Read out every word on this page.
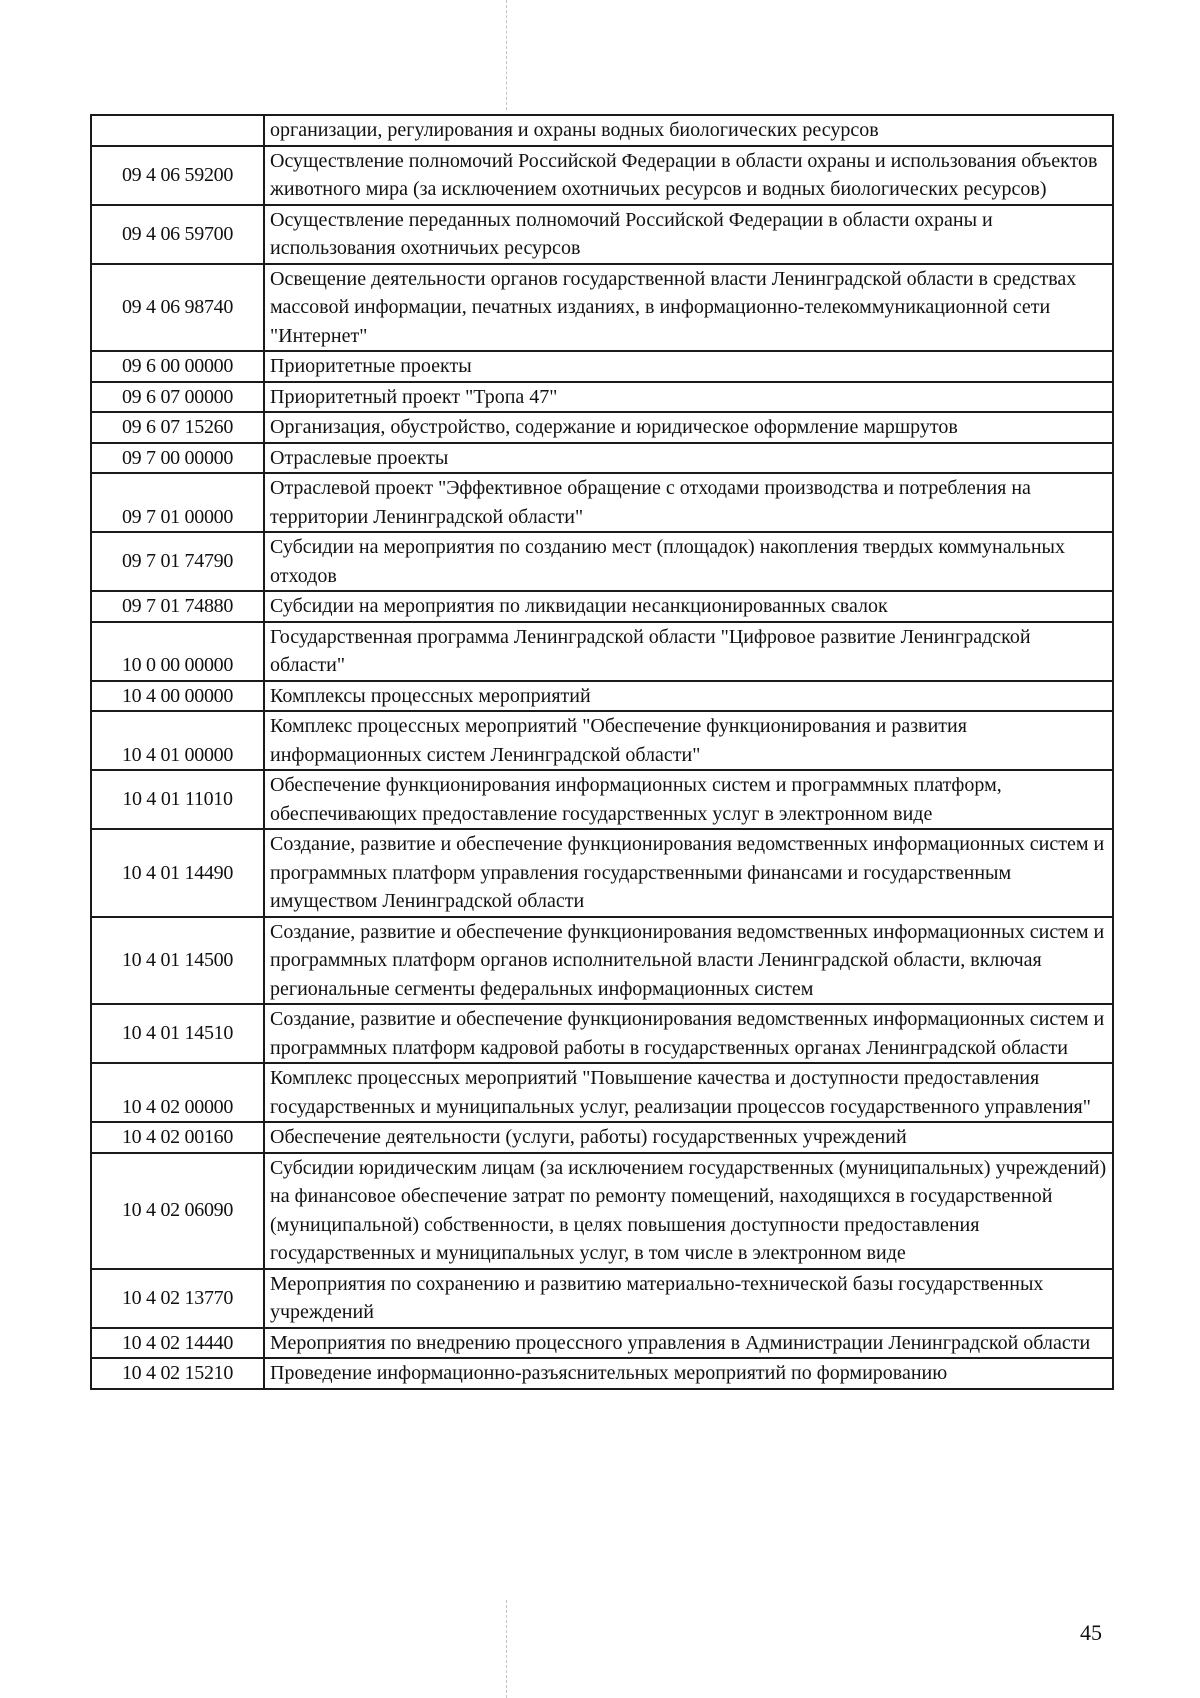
	организации, регулирования и охраны водных биологических ресурсов
09 4 06 59200	Осуществление полномочий Российской Федерации в области охраны и использования объектов животного мира (за исключением охотничьих ресурсов и водных биологических ресурсов)
09 4 06 59700	Осуществление переданных полномочий Российской Федерации в области охраны и использования охотничьих ресурсов
09 4 06 98740	Освещение деятельности органов государственной власти Ленинградской области в средствах массовой информации, печатных изданиях, в информационно-телекоммуникационной сети "Интернет"
09 6 00 00000	Приоритетные проекты
09 6 07 00000	Приоритетный проект "Тропа 47"
09 6 07 15260	Организация, обустройство, содержание и юридическое оформление маршрутов
09 7 00 00000	Отраслевые проекты
09 7 01 00000	Отраслевой проект "Эффективное обращение с отходами производства и потребления на территории Ленинградской области"
09 7 01 74790	Субсидии на мероприятия по созданию мест (площадок) накопления твердых коммунальных отходов
09 7 01 74880	Субсидии на мероприятия по ликвидации несанкционированных свалок
10 0 00 00000	Государственная программа Ленинградской области "Цифровое развитие Ленинградской области"
10 4 00 00000	Комплексы процессных мероприятий
10 4 01 00000	Комплекс процессных мероприятий "Обеспечение функционирования и развития информационных систем Ленинградской области"
10 4 01 11010	Обеспечение функционирования информационных систем и программных платформ, обеспечивающих предоставление государственных услуг в электронном виде
10 4 01 14490	Создание, развитие и обеспечение функционирования ведомственных информационных систем и программных платформ управления государственными финансами и государственным имуществом Ленинградской области
10 4 01 14500	Создание, развитие и обеспечение функционирования ведомственных информационных систем и программных платформ органов исполнительной власти Ленинградской области, включая региональные сегменты федеральных информационных систем
10 4 01 14510	Создание, развитие и обеспечение функционирования ведомственных информационных систем и программных платформ кадровой работы в государственных органах Ленинградской области
10 4 02 00000	Комплекс процессных мероприятий "Повышение качества и доступности предоставления государственных и муниципальных услуг, реализации процессов государственного управления"
10 4 02 00160	Обеспечение деятельности (услуги, работы) государственных учреждений
10 4 02 06090	Субсидии юридическим лицам (за исключением государственных (муниципальных) учреждений) на финансовое обеспечение затрат по ремонту помещений, находящихся в государственной (муниципальной) собственности, в целях повышения доступности предоставления государственных и муниципальных услуг, в том числе в электронном виде
10 4 02 13770	Мероприятия по сохранению и развитию материально-технической базы государственных учреждений
10 4 02 14440	Мероприятия по внедрению процессного управления в Администрации Ленинградской области
10 4 02 15210	Проведение информационно-разъяснительных мероприятий по формированию
45
